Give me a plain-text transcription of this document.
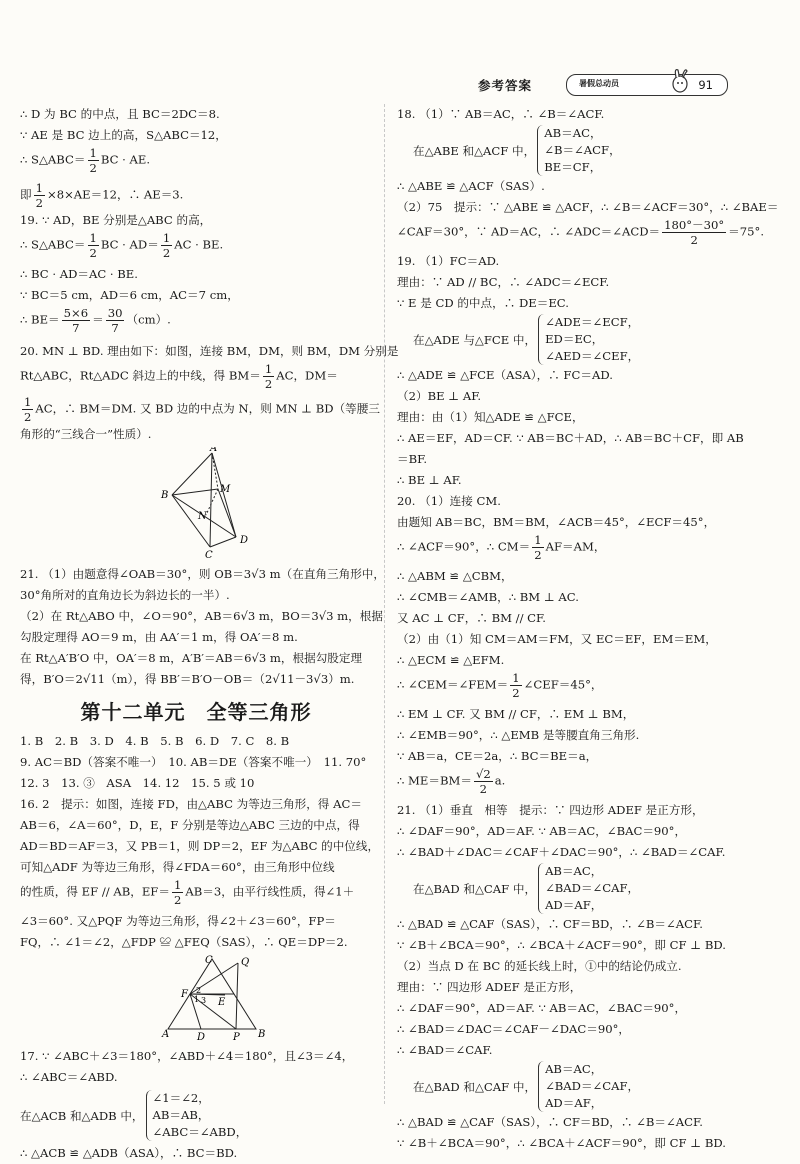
参考答案	暑假总动员	91
∴ D 为 BC 的中点，且 BC＝2DC＝8.
∵ AE 是 BC 边上的高，S△ABC＝12，
∴ S△ABC＝ $\frac{1}{2}$ BC · AE.
即 $\frac{1}{2} \times 8\times AE=12$，∴ AE＝3.
19. ∵ AD，BE 分别是△ABC 的高，
∴ S△ABC＝ $\frac{1}{2}$ BC · $AD= \frac{1}{2}$ AC · BE.
∴ BC · AD＝AC · BE.
∵ BC＝5 cm，AD＝6 cm，AC＝7 cm，
∴ $BE= \frac{5\times 6}{7} = \frac{30}{7} (cm)$.
20. MN ⊥ BD. 理由如下：如图，连接 BM，DM，则 BM，DM 分别是
Rt△ABC，Rt△ADC 斜边上的中线，得 $BM= \frac{1}{2}$ AC，DM＝
$\frac{1}{2}$ AC，∴ BM＝DM. 又 BD 边的中点为 N，则 MN ⊥ BD（等腰三
角形的“三线合一”性质）.
A
B
M
N
C
D
21. （1）由题意得∠OAB＝30°，则 OB＝3√3 m（在直角三角形中，
30°角所对的直角边长为斜边长的一半）.
（2）在 Rt△ABO 中，∠O＝90°，AB＝6√3 m，BO＝3√3 m，根据
勾股定理得 AO＝9 m，由 AA′＝1 m，得 OA′＝8 m.
在 Rt△A′B′O 中，OA′＝8 m，A′B′＝AB＝6√3 m，根据勾股定理
得，B′O＝2√11（m），得 BB′＝B′O－OB＝（2√11－3√3）m.
第十二单元　全等三角形
1. B　2. B　3. D　4. B　5. B　6. D　7. C　8. B
9. AC＝BD（答案不唯一）　10. AB＝DE（答案不唯一）　11. 70°
12. 3　13. ③　ASA　14. 12　15. 5 或 10
16. 2　提示：如图，连接 FD，由△ABC 为等边三角形，得 AC＝
AB＝6，∠A＝60°，D，E，F 分别是等边△ABC 三边的中点，得
AD＝BD＝AF＝3，又 PB＝1，则 DP＝2，EF 为△ABC 的中位线，
可知△ADF 为等边三角形，得∠FDA＝60°，由三角形中位线
的性质，得 EF // AB，$EF= \frac{1}{2} AB=3$，由平行线性质，得∠1＋
∠3＝60°. 又△PQF 为等边三角形，得∠2＋∠3＝60°，FP＝
FQ，∴ ∠1＝∠2，△FDP ≌ △FEQ（SAS），∴ QE＝DP＝2.
A	B
C	Q
F
E
D	P
2
1 3
17. ∵ ∠ABC＋∠3＝180°，∠ABD＋∠4＝180°，且∠3＝∠4，
∴ ∠ABC＝∠ABD.
在△ACB 和△ADB 中，
∠1＝∠2，
AB＝AB，
∠ABC＝∠ABD，
∴ △ACB ≌ △ADB（ASA），∴ BC＝BD.
18. （1）∵ AB＝AC，∴ ∠B＝∠ACF.
在△ABE 和△ACF 中，
AB＝AC，
∠B＝∠ACF，
BE＝CF，
∴ △ABE ≌ △ACF（SAS）.
（2）75　提示：∵ △ABE ≌ △ACF，∴ ∠B＝∠ACF＝30°，∴ ∠BAE＝
∠CAF＝30°，∵ AD＝AC，∴ ∠ADC＝∠ACD＝ $\frac{180^\circ-30^\circ}{2} =75^\circ$.
19. （1）FC＝AD.
理由：∵ AD // BC，∴ ∠ADC＝∠ECF.
∵ E 是 CD 的中点，∴ DE＝EC.
在△ADE 与△FCE 中，
∠ADE＝∠ECF，
ED＝EC，
∠AED＝∠CEF，
∴ △ADE ≌ △FCE（ASA），∴ FC＝AD.
（2）BE ⊥ AF.
理由：由（1）知△ADE ≌ △FCE，
∴ AE＝EF，AD＝CF. ∵ AB＝BC＋AD，∴ AB＝BC＋CF，即 AB
＝BF.
∴ BE ⊥ AF.
20. （1）连接 CM.
由题知 AB＝BC，BM＝BM，∠ACB＝45°，∠ECF＝45°，
∴ ∠ACF＝90°，∴ $CM= \frac{1}{2} AF=AM$，
∴ △ABM ≌ △CBM，
∴ ∠CMB＝∠AMB，∴ BM ⊥ AC.
又 AC ⊥ CF，∴ BM // CF.
（2）由（1）知 CM＝AM＝FM，又 EC＝EF，EM＝EM，
∴ △ECM ≌ △EFM.
∴ ∠CEM＝∠FEM＝ $\frac{1}{2}$ ∠CEF＝45°，
∴ EM ⊥ CF. 又 BM // CF，∴ EM ⊥ BM，
∴ ∠EMB＝90°，∴ △EMB 是等腰直角三角形.
∵ AB＝a，CE＝2a，∴ BC＝BE＝a，
∴ $ME=BM= \frac{√2}{2} a$.
21. （1）垂直　相等　提示：∵ 四边形 ADEF 是正方形，
∴ ∠DAF＝90°，AD＝AF. ∵ AB＝AC，∠BAC＝90°，
∴ ∠BAD＋∠DAC＝∠CAF＋∠DAC＝90°，∴ ∠BAD＝∠CAF.
在△BAD 和△CAF 中，
AB＝AC，
∠BAD＝∠CAF，
AD＝AF，
∴ △BAD ≌ △CAF（SAS），∴ CF＝BD，∴ ∠B＝∠ACF.
∵ ∠B＋∠BCA＝90°，∴ ∠BCA＋∠ACF＝90°，即 CF ⊥ BD.
（2）当点 D 在 BC 的延长线上时，①中的结论仍成立.
理由：∵ 四边形 ADEF 是正方形，
∴ ∠DAF＝90°，AD＝AF. ∵ AB＝AC，∠BAC＝90°，
∴ ∠BAD＝∠DAC＝∠CAF－∠DAC＝90°，
∴ ∠BAD＝∠CAF.
在△BAD 和△CAF 中，
AB＝AC，
∠BAD＝∠CAF，
AD＝AF，
∴ △BAD ≌ △CAF（SAS），∴ CF＝BD，∴ ∠B＝∠ACF.
∵ ∠B＋∠BCA＝90°，∴ ∠BCA＋∠ACF＝90°，即 CF ⊥ BD.
